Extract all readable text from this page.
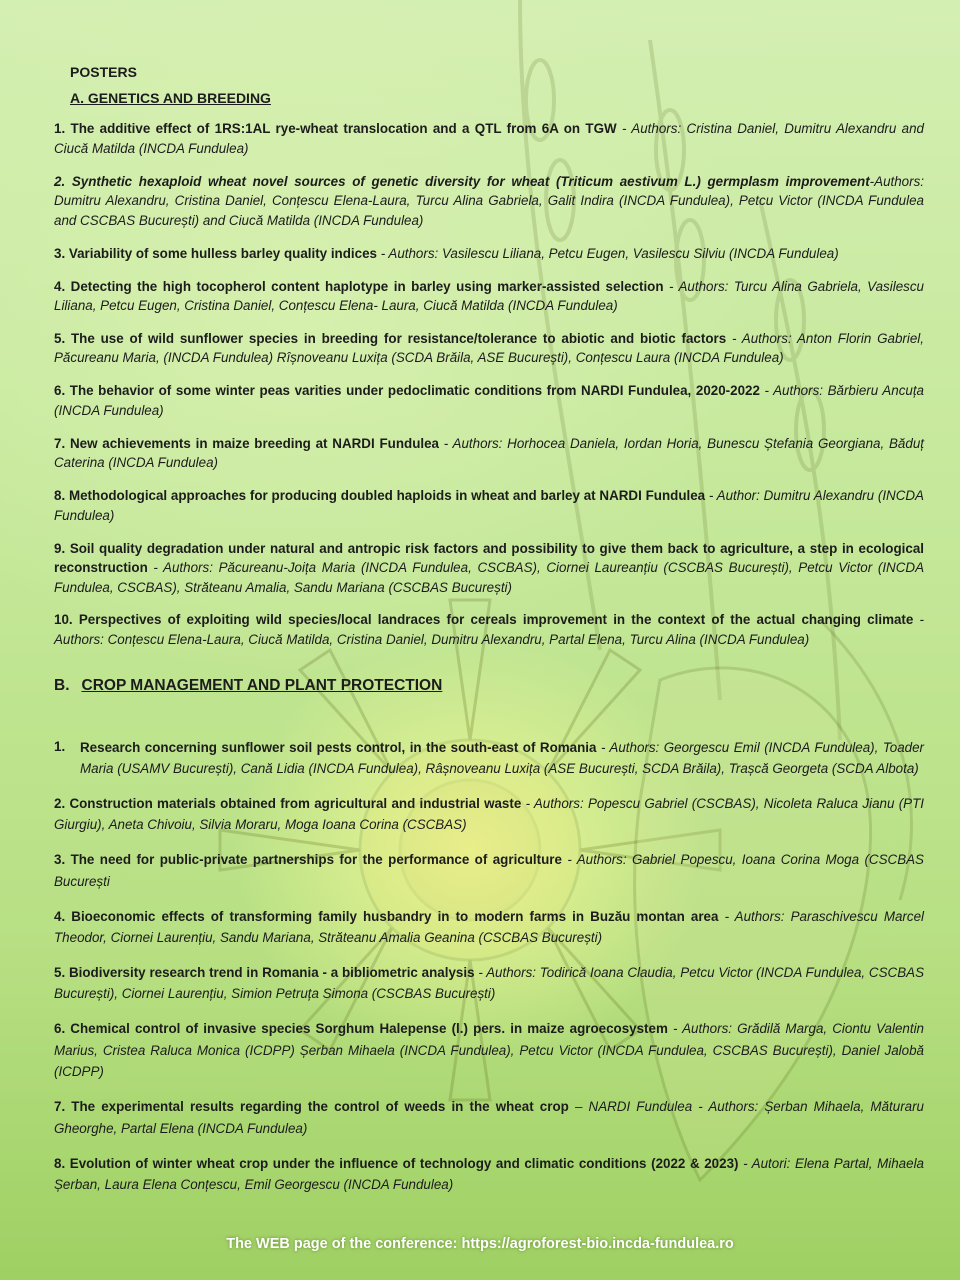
POSTERS
A. GENETICS AND BREEDING

1. The additive effect of 1RS:1AL rye-wheat translocation and a QTL from 6A on TGW - Authors: Cristina Daniel, Dumitru Alexandru and Ciucă Matilda (INCDA Fundulea)

2. Synthetic hexaploid wheat novel sources of genetic diversity for wheat (Triticum aestivum L.) germplasm improvement-Authors: Dumitru Alexandru, Cristina Daniel, Conțescu Elena-Laura, Turcu Alina Gabriela, Galit Indira (INCDA Fundulea), Petcu Victor (INCDA Fundulea and CSCBAS București) and Ciucă Matilda (INCDA Fundulea)

3. Variability of some hulless barley quality indices - Authors: Vasilescu Liliana, Petcu Eugen, Vasilescu Silviu (INCDA Fundulea)

4. Detecting the high tocopherol content haplotype in barley using marker-assisted selection - Authors: Turcu Alina Gabriela, Vasilescu Liliana, Petcu Eugen, Cristina Daniel, Conțescu Elena- Laura, Ciucă Matilda (INCDA Fundulea)

5. The use of wild sunflower species in breeding for resistance/tolerance to abiotic and biotic factors - Authors: Anton Florin Gabriel, Păcureanu Maria, (INCDA Fundulea) Rîșnoveanu Luxița (SCDA Brăila, ASE București), Conțescu Laura (INCDA Fundulea)

6. The behavior of some winter peas varities under pedoclimatic conditions from NARDI Fundulea, 2020-2022 - Authors: Bărbieru Ancuța (INCDA Fundulea)

7. New achievements in maize breeding at NARDI Fundulea - Authors: Horhocea Daniela, Iordan Horia, Bunescu Ștefania Georgiana, Băduț Caterina (INCDA Fundulea)

8. Methodological approaches for producing doubled haploids in wheat and barley at NARDI Fundulea - Author: Dumitru Alexandru (INCDA Fundulea)

9. Soil quality degradation under natural and antropic risk factors and possibility to give them back to agriculture, a step in ecological reconstruction - Authors: Păcureanu-Joița Maria (INCDA Fundulea, CSCBAS), Ciornei Laureanțiu (CSCBAS București), Petcu Victor (INCDA Fundulea, CSCBAS), Străteanu Amalia, Sandu Mariana (CSCBAS București)

10. Perspectives of exploiting wild species/local landraces for cereals improvement in the context of the actual changing climate - Authors: Conțescu Elena-Laura, Ciucă Matilda, Cristina Daniel, Dumitru Alexandru, Partal Elena, Turcu Alina (INCDA Fundulea)

B. CROP MANAGEMENT AND PLANT PROTECTION
1.	Research concerning sunflower soil pests control, in the south-east of Romania - Authors: Georgescu Emil (INCDA Fundulea), Toader Maria (USAMV București), Cană Lidia (INCDA Fundulea), Râșnoveanu Luxița (ASE București, SCDA Brăila), Trașcă Georgeta (SCDA Albota)

2. Construction materials obtained from agricultural and industrial waste - Authors: Popescu Gabriel (CSCBAS), Nicoleta Raluca Jianu (PTI Giurgiu), Aneta Chivoiu, Silvia Moraru, Moga Ioana Corina (CSCBAS)

3. The need for public-private partnerships for the performance of agriculture - Authors: Gabriel Popescu, Ioana Corina Moga (CSCBAS București

4. Bioeconomic effects of transforming family husbandry in to modern farms in Buzău montan area - Authors: Paraschivescu Marcel Theodor, Ciornei Laurențiu, Sandu Mariana, Străteanu Amalia Geanina (CSCBAS București)

5. Biodiversity research trend in Romania - a bibliometric analysis - Authors: Todirică Ioana Claudia, Petcu Victor (INCDA Fundulea, CSCBAS București), Ciornei Laurențiu, Simion Petruța Simona (CSCBAS București)

6. Chemical control of invasive species Sorghum Halepense (l.) pers. in maize agroecosystem - Authors: Grădilă Marga, Ciontu Valentin Marius, Cristea Raluca Monica (ICDPP) Șerban Mihaela (INCDA Fundulea), Petcu Victor (INCDA Fundulea, CSCBAS București), Daniel Jalobă (ICDPP)

7. The experimental results regarding the control of weeds in the wheat crop – NARDI Fundulea - Authors: Șerban Mihaela, Măturaru Gheorghe, Partal Elena (INCDA Fundulea)

8. Evolution of winter wheat crop under the influence of technology and climatic conditions (2022 & 2023) - Autori: Elena Partal, Mihaela Șerban, Laura Elena Conțescu, Emil Georgescu (INCDA Fundulea)

The WEB page of the conference: https://agroforest-bio.incda-fundulea.ro
